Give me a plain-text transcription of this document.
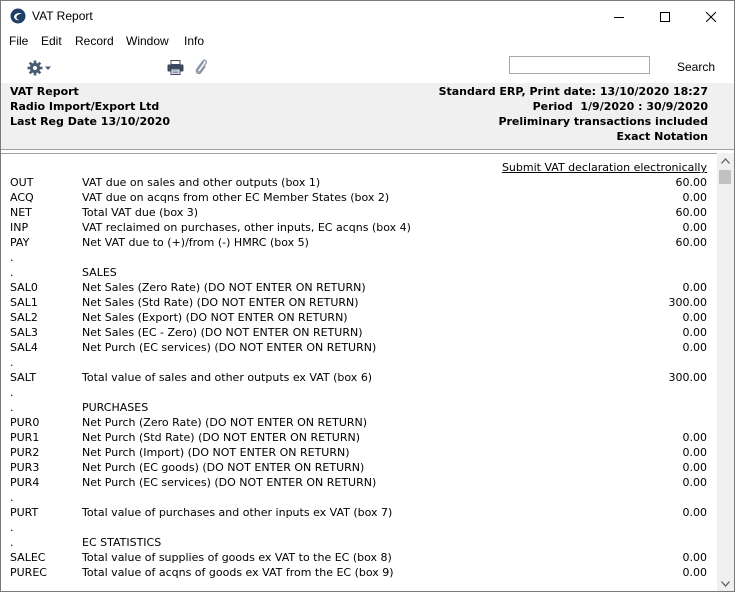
VAT Report
File Edit Record Window Info
Search
VAT Report
Radio Import/Export Ltd
Last Reg Date 13/10/2020
Standard ERP, Print date: 13/10/2020 18:27
Period  1/9/2020 : 30/9/2020
Preliminary transactions included
Exact Notation
Submit VAT declaration electronically
OUT	VAT due on sales and other outputs (box 1)	60.00
ACQ	VAT due on acqns from other EC Member States (box 2)	0.00
NET	Total VAT due (box 3)	60.00
INP	VAT reclaimed on purchases, other inputs, EC acqns (box 4)	0.00
PAY	Net VAT due to (+)/from (-) HMRC (box 5)	60.00
.
.	SALES
SAL0	Net Sales (Zero Rate) (DO NOT ENTER ON RETURN)	0.00
SAL1	Net Sales (Std Rate) (DO NOT ENTER ON RETURN)	300.00
SAL2	Net Sales (Export) (DO NOT ENTER ON RETURN)	0.00
SAL3	Net Sales (EC - Zero) (DO NOT ENTER ON RETURN)	0.00
SAL4	Net Purch (EC services) (DO NOT ENTER ON RETURN)	0.00
.
SALT	Total value of sales and other outputs ex VAT (box 6)	300.00
.
.	PURCHASES
PUR0	Net Purch (Zero Rate) (DO NOT ENTER ON RETURN)
PUR1	Net Purch (Std Rate) (DO NOT ENTER ON RETURN)	0.00
PUR2	Net Purch (Import) (DO NOT ENTER ON RETURN)	0.00
PUR3	Net Purch (EC goods) (DO NOT ENTER ON RETURN)	0.00
PUR4	Net Purch (EC services) (DO NOT ENTER ON RETURN)	0.00
.
PURT	Total value of purchases and other inputs ex VAT (box 7)	0.00
.
.	EC STATISTICS
SALEC	Total value of supplies of goods ex VAT to the EC (box 8)	0.00
PUREC	Total value of acqns of goods ex VAT from the EC (box 9)	0.00
